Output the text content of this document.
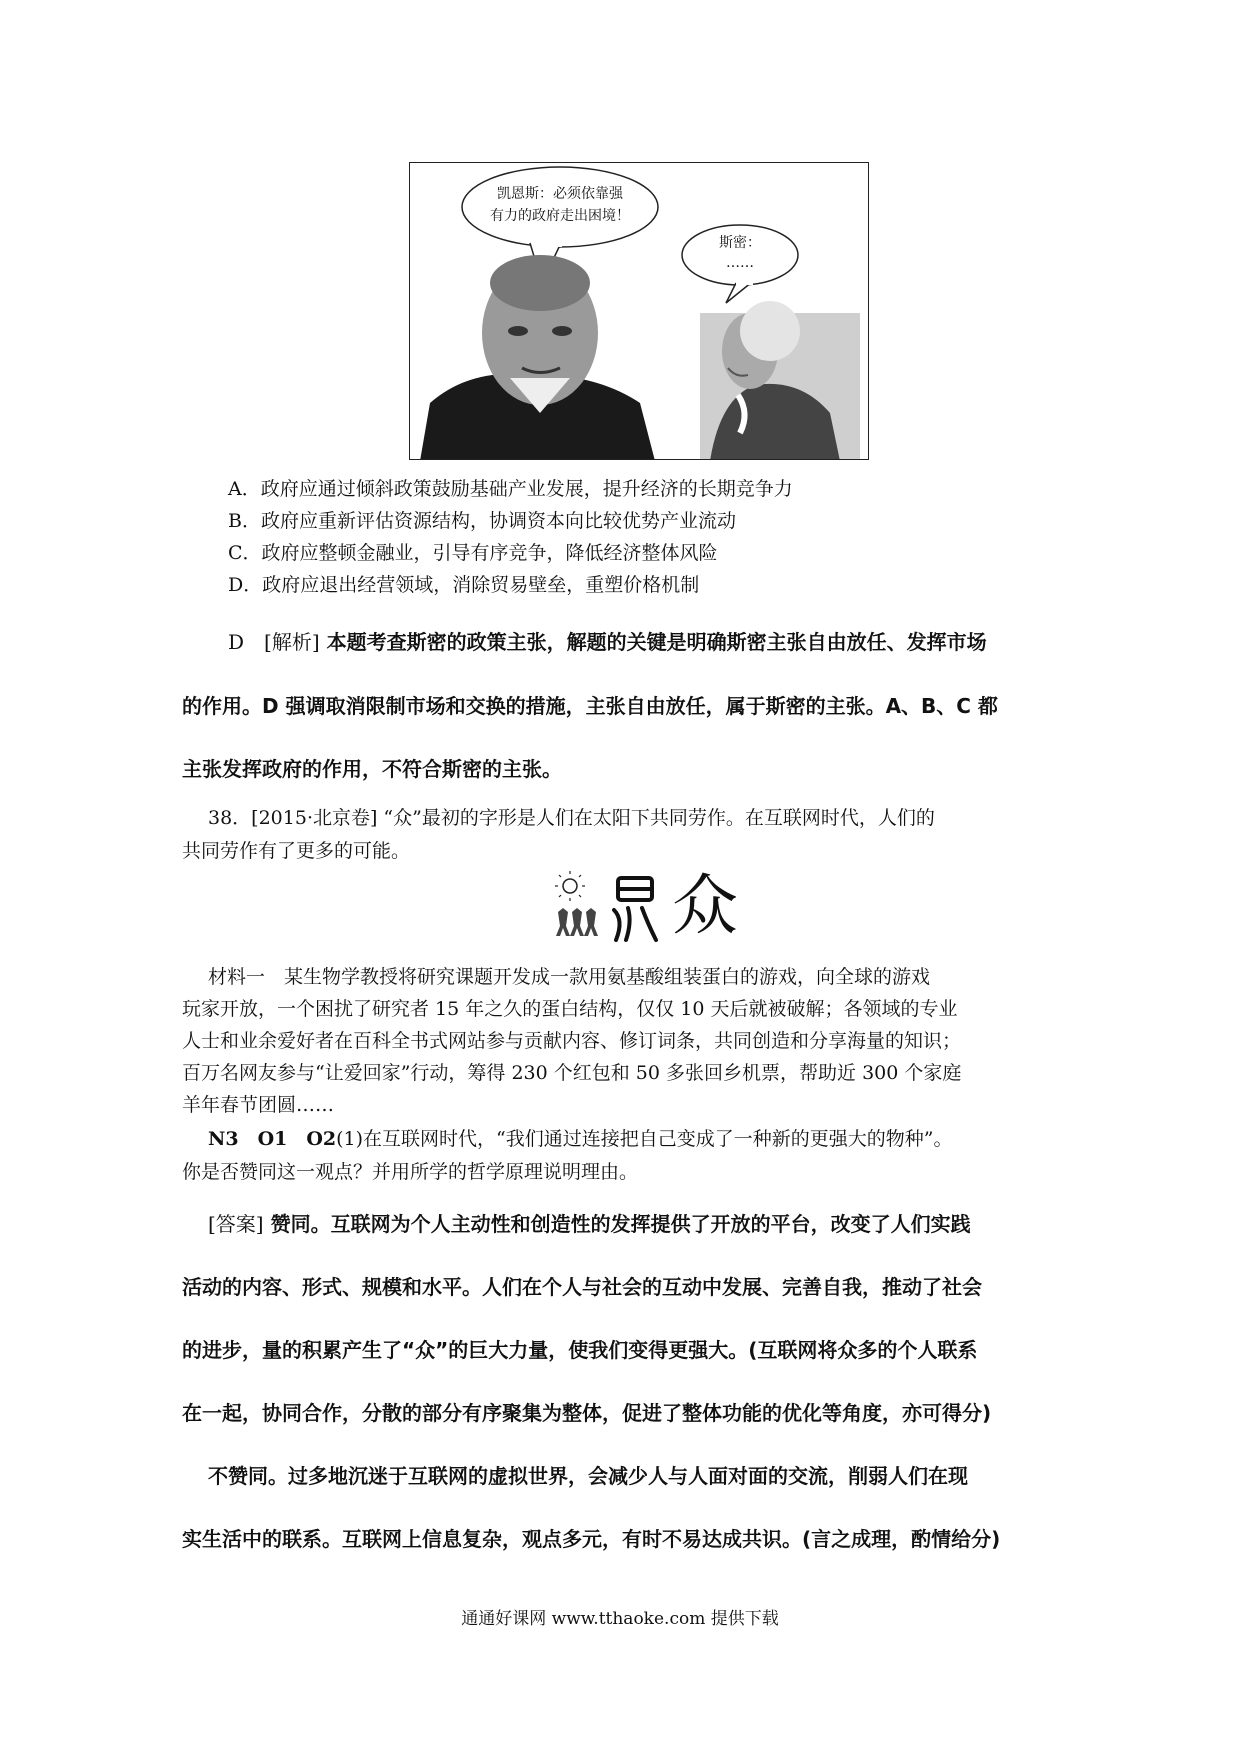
凯恩斯：必须依靠强
有力的政府走出困境！
斯密：
……
A．政府应通过倾斜政策鼓励基础产业发展，提升经济的长期竞争力
B．政府应重新评估资源结构，协调资本向比较优势产业流动
C．政府应整顿金融业，引导有序竞争，降低经济整体风险
D．政府应退出经营领域，消除贸易壁垒，重塑价格机制
D　[解析] 本题考查斯密的政策主张，解题的关键是明确斯密主张自由放任、发挥市场
的作用。D 强调取消限制市场和交换的措施，主张自由放任，属于斯密的主张。A、B、C 都
主张发挥政府的作用，不符合斯密的主张。
38．[2015·北京卷] “众”最初的字形是人们在太阳下共同劳作。在互联网时代，人们的
共同劳作有了更多的可能。
众
材料一　某生物学教授将研究课题开发成一款用氨基酸组装蛋白的游戏，向全球的游戏
玩家开放，一个困扰了研究者 15 年之久的蛋白结构，仅仅 10 天后就被破解；各领域的专业
人士和业余爱好者在百科全书式网站参与贡献内容、修订词条，共同创造和分享海量的知识；
百万名网友参与“让爱回家”行动，筹得 230 个红包和 50 多张回乡机票，帮助近 300 个家庭
羊年春节团圆……
N3　O1　O2(1)在互联网时代，“我们通过连接把自己变成了一种新的更强大的物种”。
你是否赞同这一观点？并用所学的哲学原理说明理由。
[答案] 赞同。互联网为个人主动性和创造性的发挥提供了开放的平台，改变了人们实践
活动的内容、形式、规模和水平。人们在个人与社会的互动中发展、完善自我，推动了社会
的进步，量的积累产生了“众”的巨大力量，使我们变得更强大。(互联网将众多的个人联系
在一起，协同合作，分散的部分有序聚集为整体，促进了整体功能的优化等角度，亦可得分)
不赞同。过多地沉迷于互联网的虚拟世界，会减少人与人面对面的交流，削弱人们在现
实生活中的联系。互联网上信息复杂，观点多元，有时不易达成共识。(言之成理，酌情给分)
通通好课网 www.tthaoke.com 提供下载
